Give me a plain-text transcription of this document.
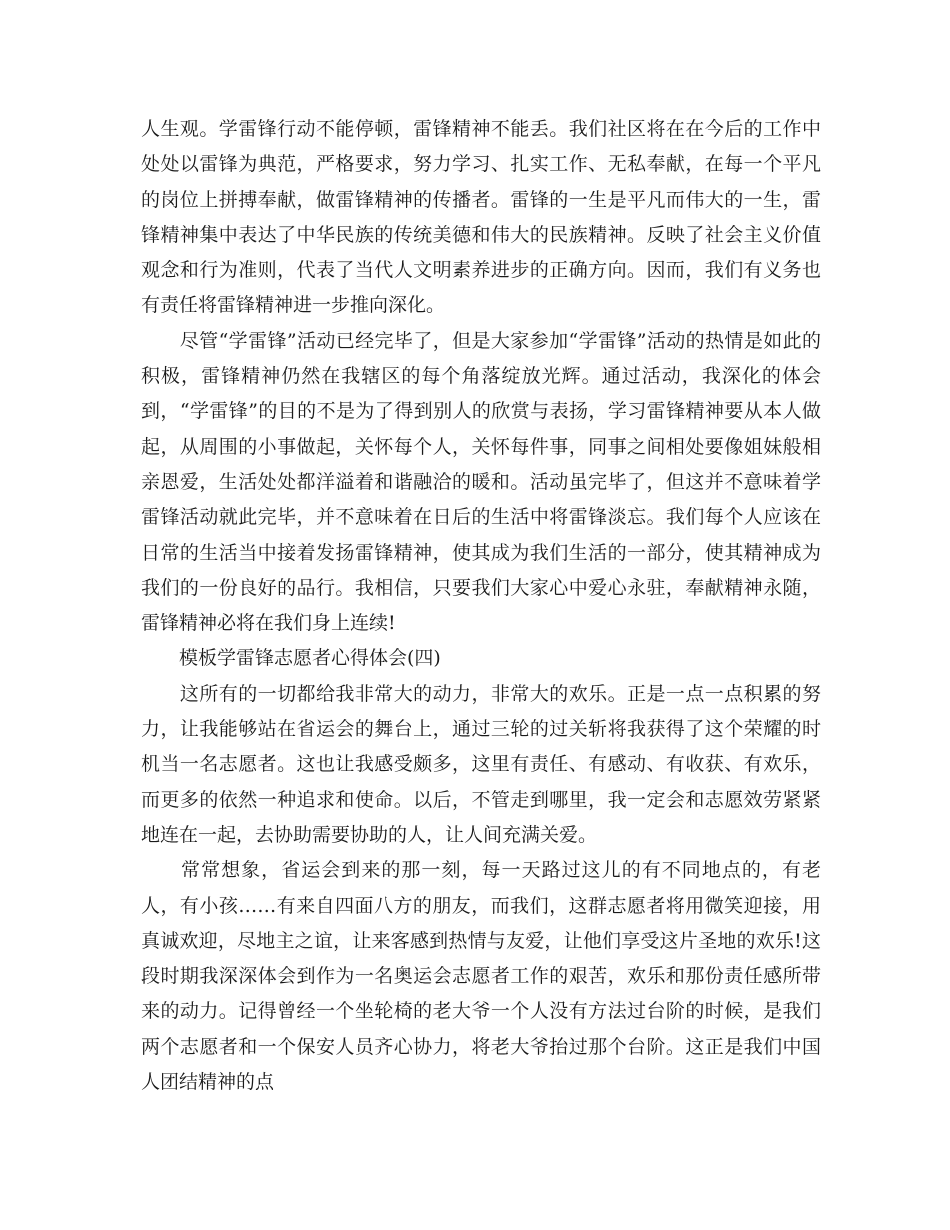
人生观。学雷锋行动不能停顿，雷锋精神不能丢。我们社区将在在今后的工作中处处以雷锋为典范，严格要求，努力学习、扎实工作、无私奉献，在每一个平凡的岗位上拼搏奉献，做雷锋精神的传播者。雷锋的一生是平凡而伟大的一生，雷锋精神集中表达了中华民族的传统美德和伟大的民族精神。反映了社会主义价值观念和行为准则，代表了当代人文明素养进步的正确方向。因而，我们有义务也有责任将雷锋精神进一步推向深化。

　　尽管“学雷锋”活动已经完毕了，但是大家参加“学雷锋”活动的热情是如此的积极，雷锋精神仍然在我辖区的每个角落绽放光辉。通过活动，我深化的体会到，“学雷锋”的目的不是为了得到别人的欣赏与表扬，学习雷锋精神要从本人做起，从周围的小事做起，关怀每个人，关怀每件事，同事之间相处要像姐妹般相亲恩爱，生活处处都洋溢着和谐融洽的暖和。活动虽完毕了，但这并不意味着学雷锋活动就此完毕，并不意味着在日后的生活中将雷锋淡忘。我们每个人应该在日常的生活当中接着发扬雷锋精神，使其成为我们生活的一部分，使其精神成为我们的一份良好的品行。我相信，只要我们大家心中爱心永驻，奉献精神永随，雷锋精神必将在我们身上连续!

　　模板学雷锋志愿者心得体会(四)

　　这所有的一切都给我非常大的动力，非常大的欢乐。正是一点一点积累的努力，让我能够站在省运会的舞台上，通过三轮的过关斩将我获得了这个荣耀的时机当一名志愿者。这也让我感受颇多，这里有责任、有感动、有收获、有欢乐，而更多的依然一种追求和使命。以后，不管走到哪里，我一定会和志愿效劳紧紧地连在一起，去协助需要协助的人，让人间充满关爱。

　　常常想象，省运会到来的那一刻，每一天路过这儿的有不同地点的，有老人，有小孩……有来自四面八方的朋友，而我们，这群志愿者将用微笑迎接，用真诚欢迎，尽地主之谊，让来客感到热情与友爱，让他们享受这片圣地的欢乐!这段时期我深深体会到作为一名奥运会志愿者工作的艰苦，欢乐和那份责任感所带来的动力。记得曾经一个坐轮椅的老大爷一个人没有方法过台阶的时候，是我们两个志愿者和一个保安人员齐心协力，将老大爷抬过那个台阶。这正是我们中国人团结精神的点
